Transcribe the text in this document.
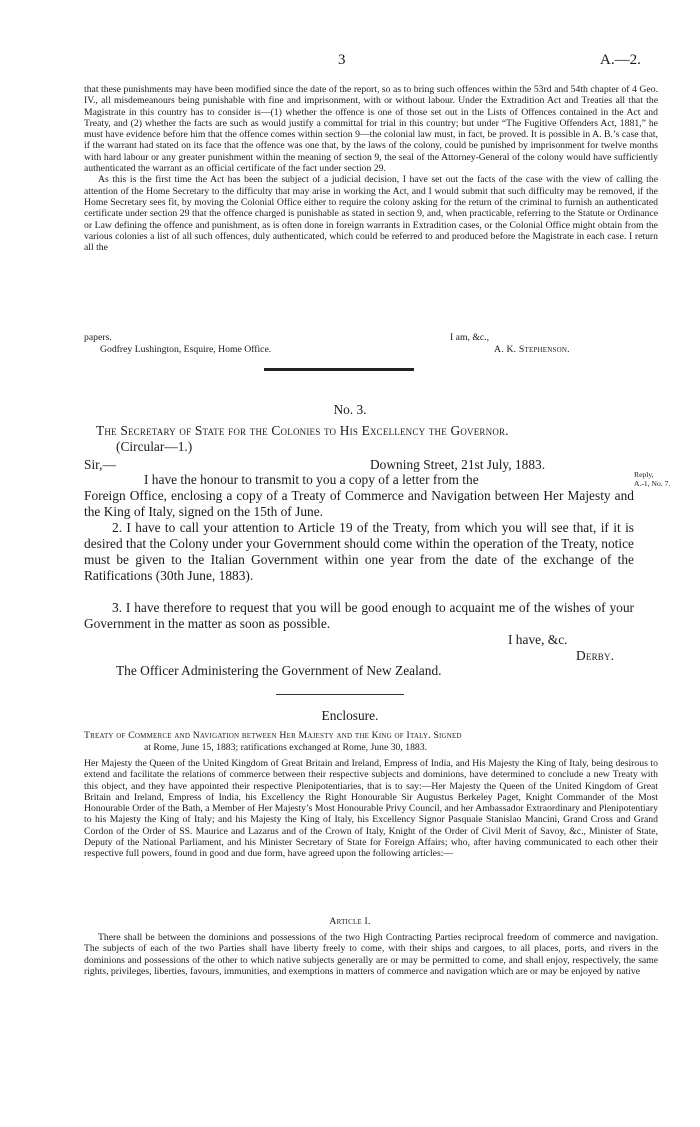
3	A.—2.

that these punishments may have been modified since the date of the report, so as to bring such offences within the 53rd and 54th chapter of 4 Geo. IV., all misdemeanours being punishable with fine and imprisonment, with or without labour. Under the Extradition Act and Treaties all that the Magistrate in this country has to consider is—(1) whether the offence is one of those set out in the Lists of Offences contained in the Act and Treaty, and (2) whether the facts are such as would justify a committal for trial in this country; but under “The Fugitive Offenders Act, 1881,” he must have evidence before him that the offence comes within section 9—the colonial law must, in fact, be proved. It is possible in A. B.’s case that, if the warrant had stated on its face that the offence was one that, by the laws of the colony, could be punished by imprisonment for twelve months with hard labour or any greater punishment within the meaning of section 9, the seal of the Attorney-General of the colony would have sufficiently authenticated the warrant as an official certificate of the fact under section 29.

As this is the first time the Act has been the subject of a judicial decision, I have set out the facts of the case with the view of calling the attention of the Home Secretary to the difficulty that may arise in working the Act, and I would submit that such difficulty may be removed, if the Home Secretary sees fit, by moving the Colonial Office either to require the colony asking for the return of the criminal to furnish an authenticated certificate under section 29 that the offence charged is punishable as stated in section 9, and, when practicable, referring to the Statute or Ordinance or Law defining the offence and punishment, as is often done in foreign warrants in Extradition cases, or the Colonial Office might obtain from the various colonies a list of all such offences, duly authenticated, which could be referred to and produced before the Magistrate in each case. I return all the

papers.	I am, &c.,
Godfrey Lushington, Esquire, Home Office.	A. K. Stephenson.
No. 3.
The Secretary of State for the Colonies to His Excellency the Governor.
(Circular—1.)
Sir,—	Downing Street, 21st July, 1883.
I have the honour to transmit to you a copy of a letter from the
Foreign Office, enclosing a copy of a Treaty of Commerce and Navigation between Her Majesty and the King of Italy, signed on the 15th of June.
2. I have to call your attention to Article 19 of the Treaty, from which you will see that, if it is desired that the Colony under your Government should come within the operation of the Treaty, notice must be given to the Italian Government within one year from the date of the exchange of the Ratifications (30th June, 1883).
3. I have therefore to request that you will be good enough to acquaint me of the wishes of your Government in the matter as soon as possible.
I have, &c.
Derby.
The Officer Administering the Government of New Zealand.
Reply,
A.-1, No. 7.
Enclosure.
Treaty of Commerce and Navigation between Her Majesty and the King of Italy. Signed
at Rome, June 15, 1883; ratifications exchanged at Rome, June 30, 1883.
Her Majesty the Queen of the United Kingdom of Great Britain and Ireland, Empress of India, and His Majesty the King of Italy, being desirous to extend and facilitate the relations of commerce between their respective subjects and dominions, have determined to conclude a new Treaty with this object, and they have appointed their respective Plenipotentiaries, that is to say:—Her Majesty the Queen of the United Kingdom of Great Britain and Ireland, Empress of India, his Excellency the Right Honourable Sir Augustus Berkeley Paget, Knight Commander of the Most Honourable Order of the Bath, a Member of Her Majesty’s Most Honourable Privy Council, and her Ambassador Extraordinary and Plenipotentiary to his Majesty the King of Italy; and his Majesty the King of Italy, his Excellency Signor Pasquale Stanislao Mancini, Grand Cross and Grand Cordon of the Order of SS. Maurice and Lazarus and of the Crown of Italy, Knight of the Order of Civil Merit of Savoy, &c., Minister of State, Deputy of the National Parliament, and his Minister Secretary of State for Foreign Affairs; who, after having communicated to each other their respective full powers, found in good and due form, have agreed upon the following articles:—
Article I.
There shall be between the dominions and possessions of the two High Contracting Parties reciprocal freedom of commerce and navigation. The subjects of each of the two Parties shall have liberty freely to come, with their ships and cargoes, to all places, ports, and rivers in the dominions and possessions of the other to which native subjects generally are or may be permitted to come, and shall enjoy, respectively, the same rights, privileges, liberties, favours, immunities, and exemptions in matters of commerce and navigation which are or may be enjoyed by native
